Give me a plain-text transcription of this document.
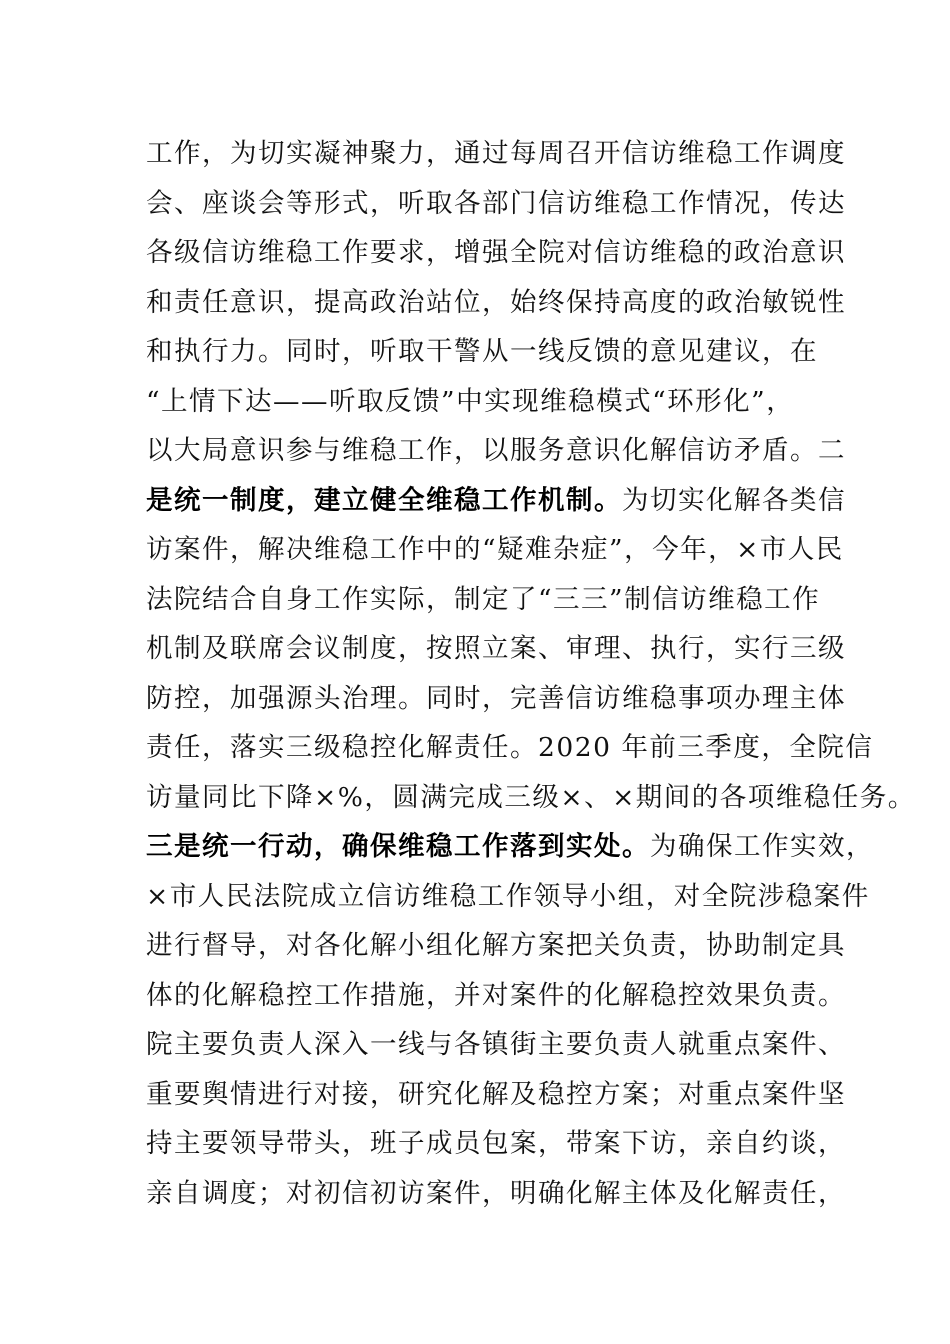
工作，为切实凝神聚力，通过每周召开信访维稳工作调度
会、座谈会等形式，听取各部门信访维稳工作情况，传达
各级信访维稳工作要求，增强全院对信访维稳的政治意识
和责任意识，提高政治站位，始终保持高度的政治敏锐性
和执行力。同时，听取干警从一线反馈的意见建议，在
“上情下达——听取反馈”中实现维稳模式“环形化”，
以大局意识参与维稳工作，以服务意识化解信访矛盾。二
是统一制度，建立健全维稳工作机制。为切实化解各类信
访案件，解决维稳工作中的“疑难杂症”，今年，×市人民
法院结合自身工作实际，制定了“三三”制信访维稳工作
机制及联席会议制度，按照立案、审理、执行，实行三级
防控，加强源头治理。同时，完善信访维稳事项办理主体
责任，落实三级稳控化解责任。2020 年前三季度，全院信
访量同比下降×%，圆满完成三级×、×期间的各项维稳任务。
三是统一行动，确保维稳工作落到实处。为确保工作实效，
×市人民法院成立信访维稳工作领导小组，对全院涉稳案件
进行督导，对各化解小组化解方案把关负责，协助制定具
体的化解稳控工作措施，并对案件的化解稳控效果负责。
院主要负责人深入一线与各镇街主要负责人就重点案件、
重要舆情进行对接，研究化解及稳控方案；对重点案件坚
持主要领导带头，班子成员包案，带案下访，亲自约谈，
亲自调度；对初信初访案件，明确化解主体及化解责任，
